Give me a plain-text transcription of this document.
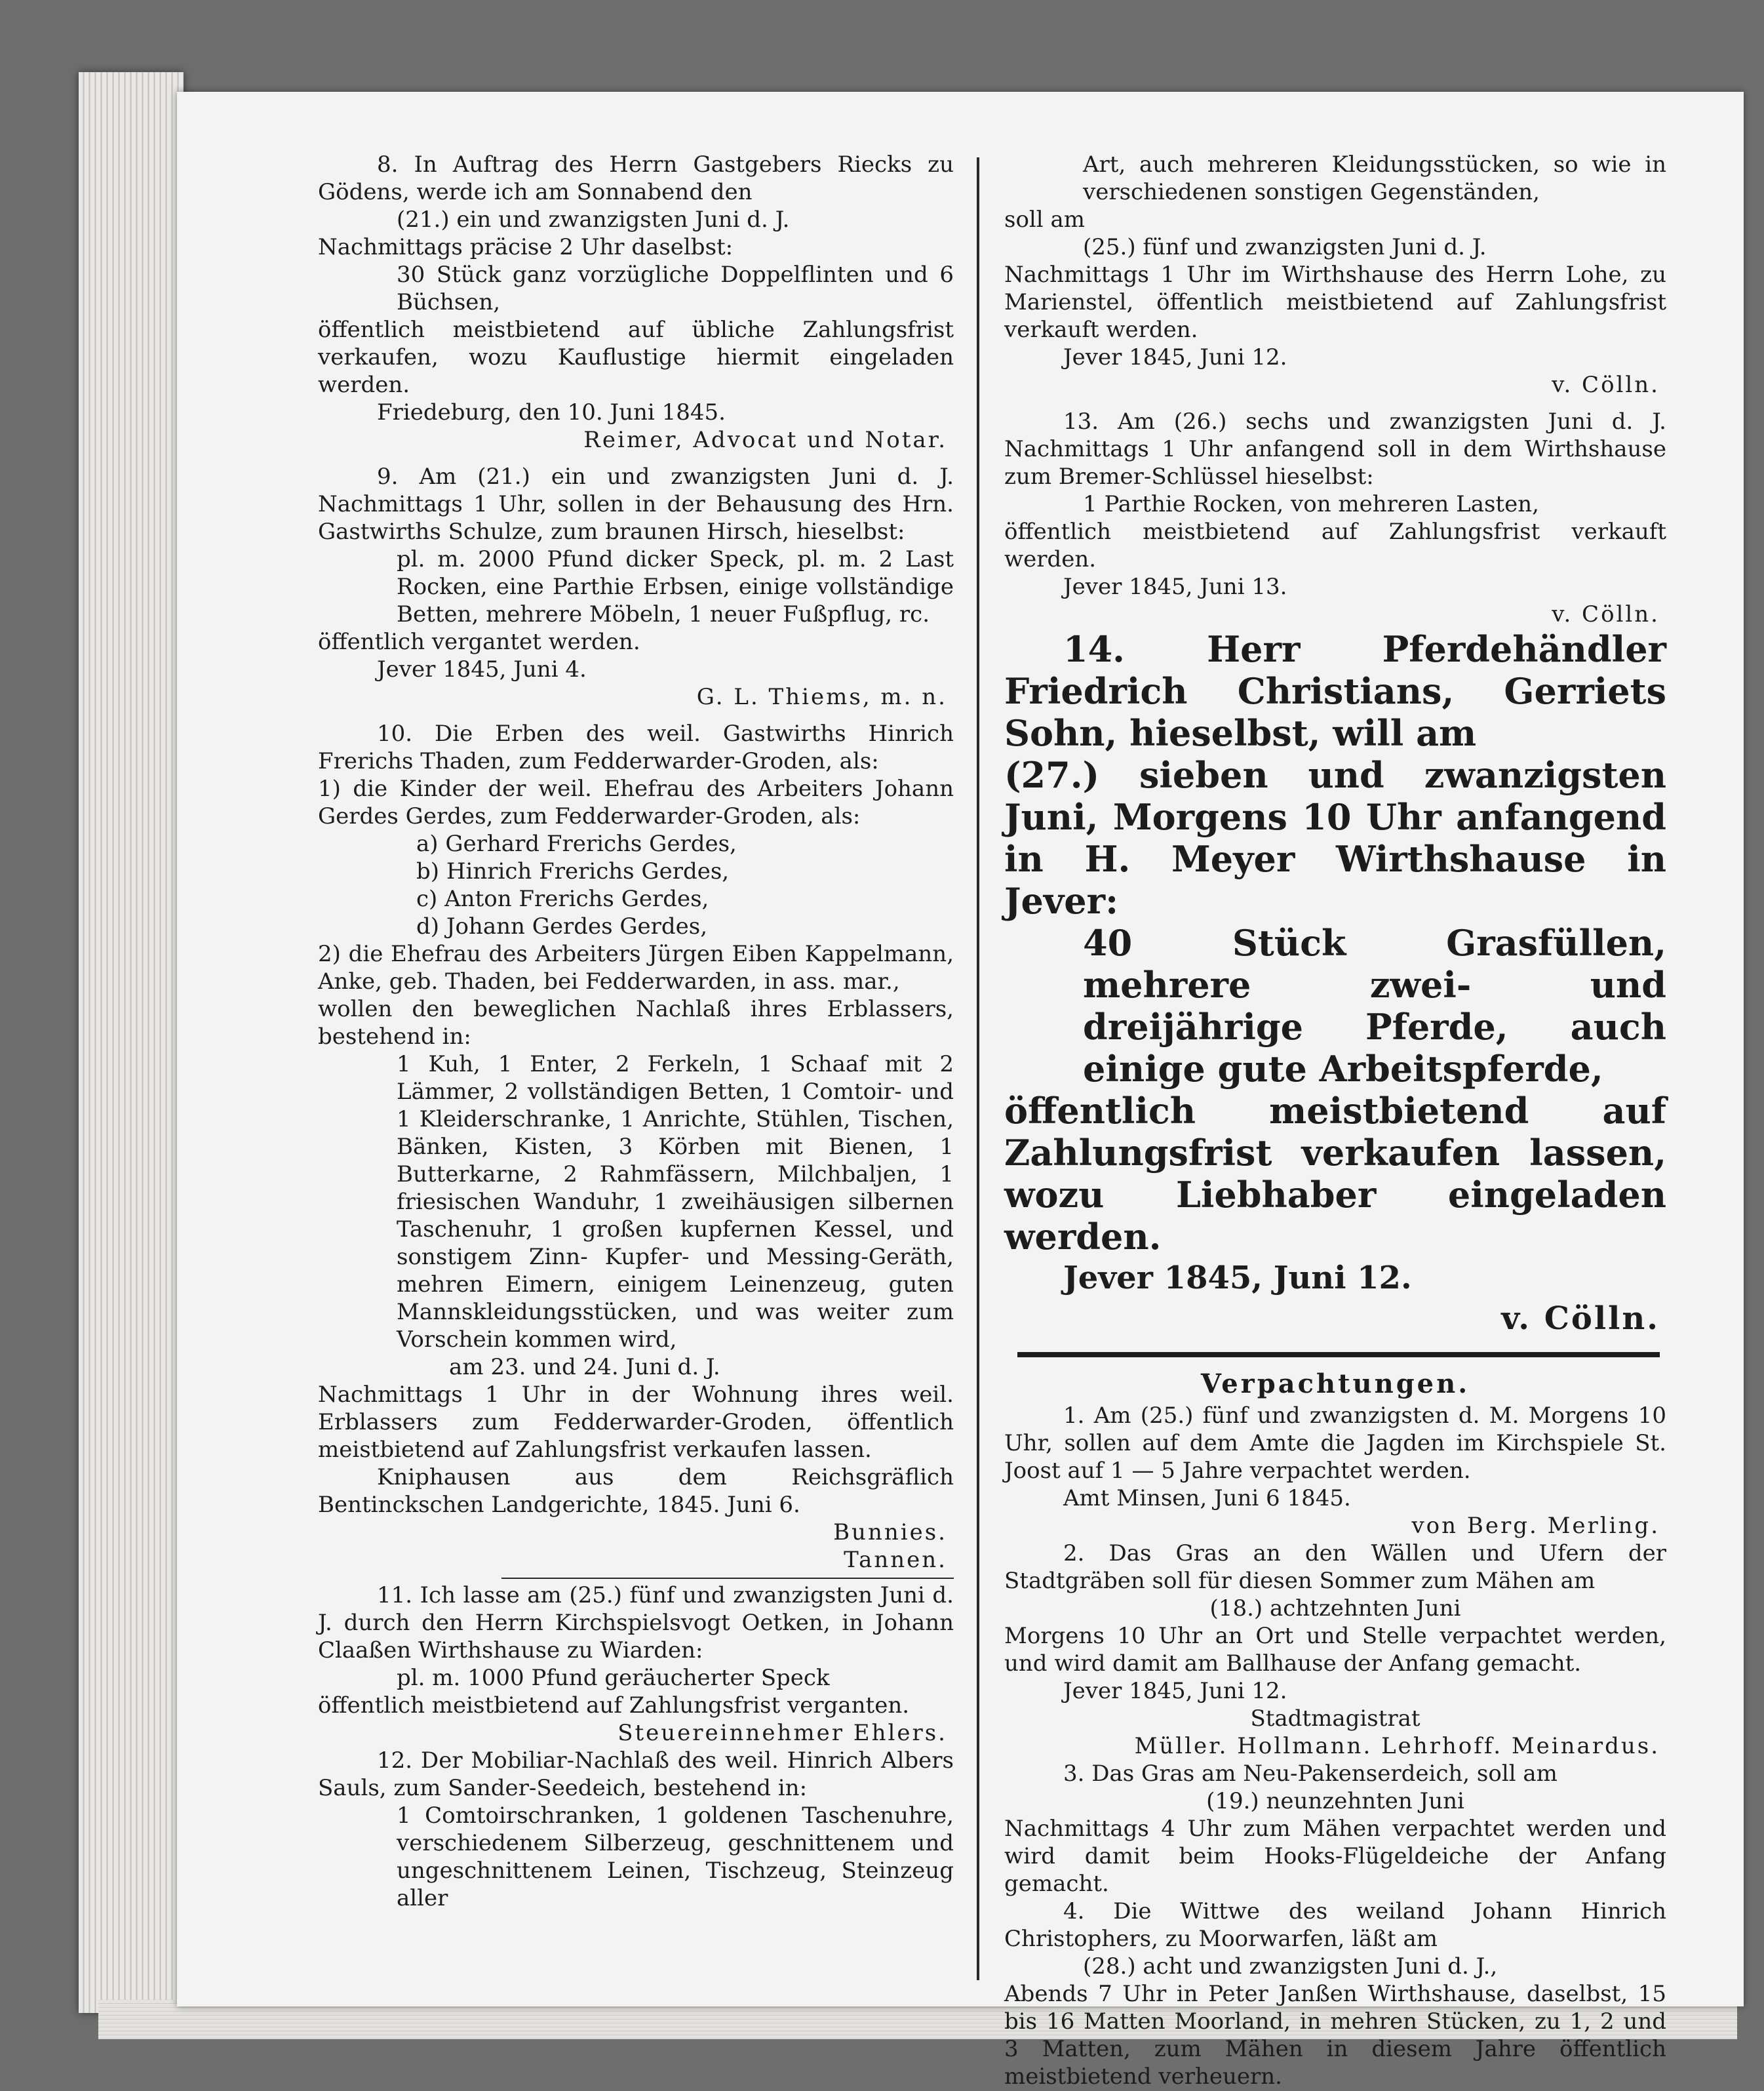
8. In Auftrag des Herrn Gastgebers Riecks zu Gödens, werde ich am Sonnabend den

(21.) ein und zwanzigsten Juni d. J.

Nachmittags präcise 2 Uhr daselbst:

30 Stück ganz vorzügliche Doppelflinten und 6 Büchsen,

öffentlich meistbietend auf übliche Zahlungsfrist verkaufen, wozu Kauflustige hiermit eingeladen werden.

Friedeburg, den 10. Juni 1845.

Reimer, Advocat und Notar.

9. Am (21.) ein und zwanzigsten Juni d. J. Nachmittags 1 Uhr, sollen in der Behausung des Hrn. Gastwirths Schulze, zum braunen Hirsch, hieselbst:

pl. m. 2000 Pfund dicker Speck, pl. m. 2 Last Rocken, eine Parthie Erbsen, einige vollständige Betten, mehrere Möbeln, 1 neuer Fußpflug, rc.

öffentlich vergantet werden.

Jever 1845, Juni 4.

G. L. Thiems, m. n.

10. Die Erben des weil. Gastwirths Hinrich Frerichs Thaden, zum Fedderwarder-Groden, als:

1) die Kinder der weil. Ehefrau des Arbeiters Johann Gerdes Gerdes, zum Fedderwarder-Groden, als:

a) Gerhard Frerichs Gerdes,

b) Hinrich Frerichs Gerdes,

c) Anton Frerichs Gerdes,

d) Johann Gerdes Gerdes,

2) die Ehefrau des Arbeiters Jürgen Eiben Kappelmann, Anke, geb. Thaden, bei Fedderwarden, in ass. mar.,

wollen den beweglichen Nachlaß ihres Erblassers, bestehend in:

1 Kuh, 1 Enter, 2 Ferkeln, 1 Schaaf mit 2 Lämmer, 2 vollständigen Betten, 1 Comtoir- und 1 Kleiderschranke, 1 Anrichte, Stühlen, Tischen, Bänken, Kisten, 3 Körben mit Bienen, 1 Butterkarne, 2 Rahmfässern, Milchbaljen, 1 friesischen Wanduhr, 1 zweihäusigen silbernen Taschenuhr, 1 großen kupfernen Kessel, und sonstigem Zinn- Kupfer- und Messing-Geräth, mehren Eimern, einigem Leinenzeug, guten Mannskleidungsstücken, und was weiter zum Vorschein kommen wird,

am 23. und 24. Juni d. J.

Nachmittags 1 Uhr in der Wohnung ihres weil. Erblassers zum Fedderwarder-Groden, öffentlich meistbietend auf Zahlungsfrist verkaufen lassen.

Kniphausen aus dem Reichsgräflich Bentinckschen Landgerichte, 1845. Juni 6.

Bunnies.

Tannen.

11. Ich lasse am (25.) fünf und zwanzigsten Juni d. J. durch den Herrn Kirchspielsvogt Oetken, in Johann Claaßen Wirthshause zu Wiarden:

pl. m. 1000 Pfund geräucherter Speck

öffentlich meistbietend auf Zahlungsfrist verganten.

Steuereinnehmer Ehlers.

12. Der Mobiliar-Nachlaß des weil. Hinrich Albers Sauls, zum Sander-Seedeich, bestehend in:

1 Comtoirschranken, 1 goldenen Taschenuhre, verschiedenem Silberzeug, geschnittenem und ungeschnittenem Leinen, Tischzeug, Steinzeug aller

Art, auch mehreren Kleidungsstücken, so wie in verschiedenen sonstigen Gegenständen,

soll am

(25.) fünf und zwanzigsten Juni d. J.

Nachmittags 1 Uhr im Wirthshause des Herrn Lohe, zu Marienstel, öffentlich meistbietend auf Zahlungsfrist verkauft werden.

Jever 1845, Juni 12.

v. Cölln.

13. Am (26.) sechs und zwanzigsten Juni d. J. Nachmittags 1 Uhr anfangend soll in dem Wirthshause zum Bremer-Schlüssel hieselbst:

1 Parthie Rocken, von mehreren Lasten,

öffentlich meistbietend auf Zahlungsfrist verkauft werden.

Jever 1845, Juni 13.

v. Cölln.

14. Herr Pferdehändler Friedrich Christians, Gerriets Sohn, hieselbst, will am

(27.) sieben und zwanzigsten Juni, Morgens 10 Uhr anfangend in H. Meyer Wirthshause in Jever:

40 Stück Grasfüllen, mehrere zwei- und dreijährige Pferde, auch einige gute Arbeitspferde,

öffentlich meistbietend auf Zahlungsfrist verkaufen lassen, wozu Liebhaber eingeladen werden.

Jever 1845, Juni 12.

v. Cölln.

Verpachtungen.

1. Am (25.) fünf und zwanzigsten d. M. Morgens 10 Uhr, sollen auf dem Amte die Jagden im Kirchspiele St. Joost auf 1 — 5 Jahre verpachtet werden.

Amt Minsen, Juni 6 1845.

von Berg. Merling.

2. Das Gras an den Wällen und Ufern der Stadtgräben soll für diesen Sommer zum Mähen am

(18.) achtzehnten Juni

Morgens 10 Uhr an Ort und Stelle verpachtet werden, und wird damit am Ballhause der Anfang gemacht.

Jever 1845, Juni 12.

Stadtmagistrat

Müller. Hollmann. Lehrhoff. Meinardus.

3. Das Gras am Neu-Pakenserdeich, soll am

(19.) neunzehnten Juni

Nachmittags 4 Uhr zum Mähen verpachtet werden und wird damit beim Hooks-Flügeldeiche der Anfang gemacht.

4. Die Wittwe des weiland Johann Hinrich Christophers, zu Moorwarfen, läßt am

(28.) acht und zwanzigsten Juni d. J.,

Abends 7 Uhr in Peter Janßen Wirthshause, daselbst, 15 bis 16 Matten Moorland, in mehren Stücken, zu 1, 2 und 3 Matten, zum Mähen in diesem Jahre öffentlich meistbietend verheuern.
